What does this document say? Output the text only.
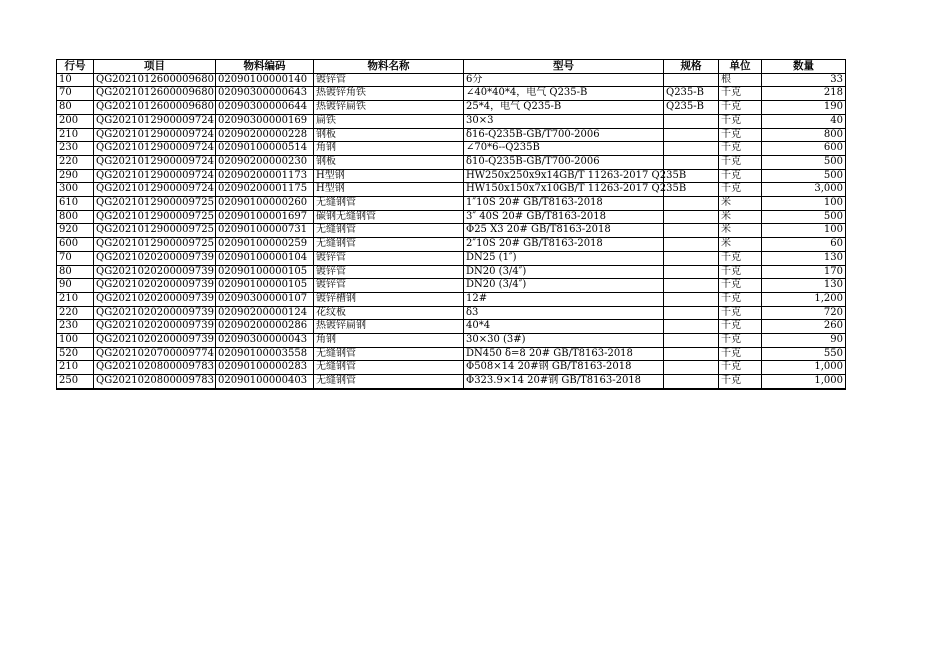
行号	项目	物料编码	物料名称	型号	规格	单位	数量
10	QG2021012600009680	02090100000140	镀锌管	6分		根	33
70	QG2021012600009680	02090300000643	热镀锌角铁	∠40*40*4，电气 Q235-B	Q235-B	千克	218
80	QG2021012600009680	02090300000644	热镀锌扁铁	25*4，电气 Q235-B	Q235-B	千克	190
200	QG2021012900009724	02090300000169	扁铁	30×3		千克	40
210	QG2021012900009724	02090200000228	钢板	δ16-Q235B-GB/T700-2006		千克	800
230	QG2021012900009724	02090100000514	角钢	∠70*6--Q235B		千克	600
220	QG2021012900009724	02090200000230	钢板	δ10-Q235B-GB/T700-2006		千克	500
290	QG2021012900009724	02090200001173	H型钢	HW250x250x9x14GB/T 11263-2017 Q235B		千克	500
300	QG2021012900009724	02090200001175	H型钢	HW150x150x7x10GB/T 11263-2017 Q235B		千克	3,000
610	QG2021012900009725	02090100000260	无缝钢管	1″10S 20# GB/T8163-2018		米	100
800	QG2021012900009725	02090100001697	碳钢无缝钢管	3″ 40S 20# GB/T8163-2018		米	500
920	QG2021012900009725	02090100000731	无缝钢管	Φ25 X3 20# GB/T8163-2018		米	100
600	QG2021012900009725	02090100000259	无缝钢管	2″10S 20# GB/T8163-2018		米	60
70	QG2021020200009739	02090100000104	镀锌管	DN25 (1″)		千克	130
80	QG2021020200009739	02090100000105	镀锌管	DN20 (3/4″)		千克	170
90	QG2021020200009739	02090100000105	镀锌管	DN20 (3/4″)		千克	130
210	QG2021020200009739	02090300000107	镀锌槽钢	12#		千克	1,200
220	QG2021020200009739	02090200000124	花纹板	δ3		千克	720
230	QG2021020200009739	02090200000286	热镀锌扁钢	40*4		千克	260
100	QG2021020200009739	02090300000043	角钢	30×30 (3#)		千克	90
520	QG2021020700009774	02090100003558	无缝钢管	DN450 δ=8 20# GB/T8163-2018		千克	550
210	QG2021020800009783	02090100000283	无缝钢管	Φ508×14 20#钢 GB/T8163-2018		千克	1,000
250	QG2021020800009783	02090100000403	无缝钢管	Φ323.9×14 20#钢 GB/T8163-2018		千克	1,000
